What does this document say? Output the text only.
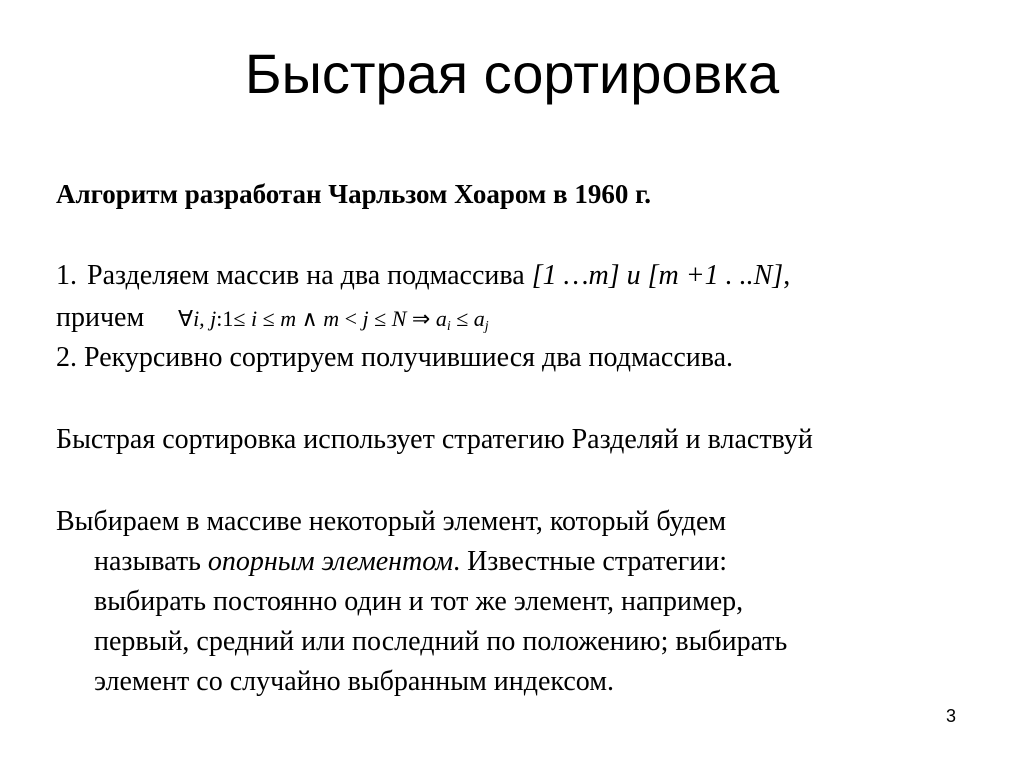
Быстрая сортировка

Алгоритм разработан Чарльзом Хоаром в 1960 г.

1. Разделяем массив на два подмассива [1 …m] и [m +1 . ..N],

причем ∀i, j:1≤ i ≤ m ∧ m < j ≤ N ⇒ $a_i \le a_j$

2. Рекурсивно сортируем получившиеся два подмассива.

Быстрая сортировка использует стратегию Разделяй и властвуй

Выбираем в массиве некоторый элемент, который будем
называть опорным элементом. Известные стратегии:
выбирать постоянно один и тот же элемент, например,
первый, средний или последний по положению; выбирать
элемент со случайно выбранным индексом.
3
